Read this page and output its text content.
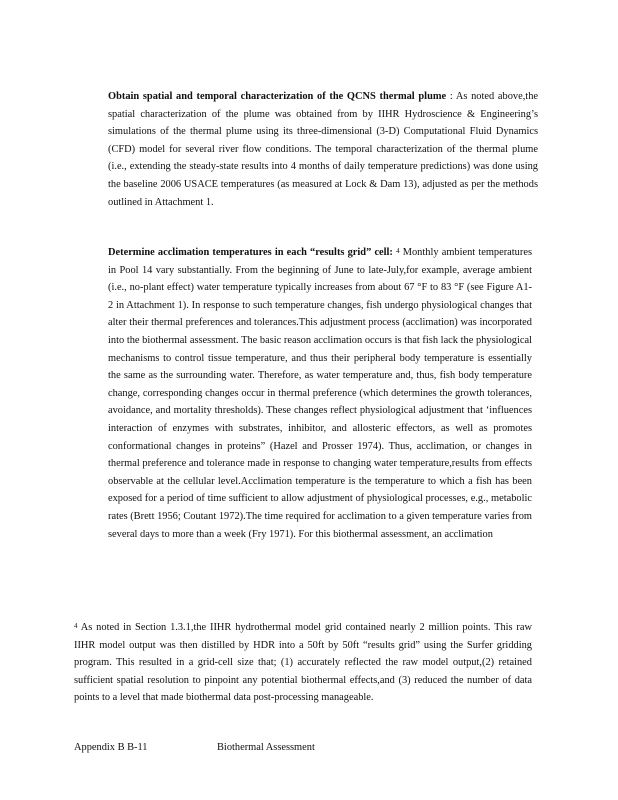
Obtain spatial and temporal characterization of the QCNS thermal plume : As noted above,the spatial characterization of the plume was obtained from by IIHR Hydroscience & Engineering’s simulations of the thermal plume using its three-dimensional (3-D) Computational Fluid Dynamics (CFD) model for several river flow conditions. The temporal characterization of the thermal plume (i.e., extending the steady-state results into 4 months of daily temperature predictions) was done using the baseline 2006 USACE temperatures (as measured at Lock & Dam 13), adjusted as per the methods outlined in Attachment 1.

Determine acclimation temperatures in each “results grid” cell: $^4$ Monthly ambient temperatures in Pool 14 vary substantially. From the beginning of June to late-July,for example, average ambient (i.e., no-plant effect) water temperature typically increases from about 67 °F to 83 °F (see Figure A1-2 in Attachment 1). In response to such temperature changes, fish undergo physiological changes that alter their thermal preferences and tolerances.This adjustment process (acclimation) was incorporated into the biothermal assessment. The basic reason acclimation occurs is that fish lack the physiological mechanisms to control tissue temperature, and thus their peripheral body temperature is essentially the same as the surrounding water. Therefore, as water temperature and, thus, fish body temperature change, corresponding changes occur in thermal preference (which determines the growth tolerances, avoidance, and mortality thresholds). These changes reflect physiological adjustment that ‘influences interaction of enzymes with substrates, inhibitor, and allosteric effectors, as well as promotes conformational changes in proteins” (Hazel and Prosser 1974). Thus, acclimation, or changes in thermal preference and tolerance made in response to changing water temperature,results from effects observable at the cellular level.Acclimation temperature is the temperature to which a fish has been exposed for a period of time sufficient to allow adjustment of physiological processes, e.g., metabolic rates (Brett 1956; Coutant 1972).The time required for acclimation to a given temperature varies from several days to more than a week (Fry 1971). For this biothermal assessment, an acclimation

$^4$ As noted in Section 1.3.1,the IIHR hydrothermal model grid contained nearly 2 million points. This raw IIHR model output was then distilled by HDR into a 50ft by 50ft “results grid” using the Surfer gridding program. This resulted in a grid-cell size that; (1) accurately reflected the raw model output,(2) retained sufficient spatial resolution to pinpoint any potential biothermal effects,and (3) reduced the number of data points to a level that made biothermal data post-processing manageable.

Appendix B B-11	Biothermal Assessment
